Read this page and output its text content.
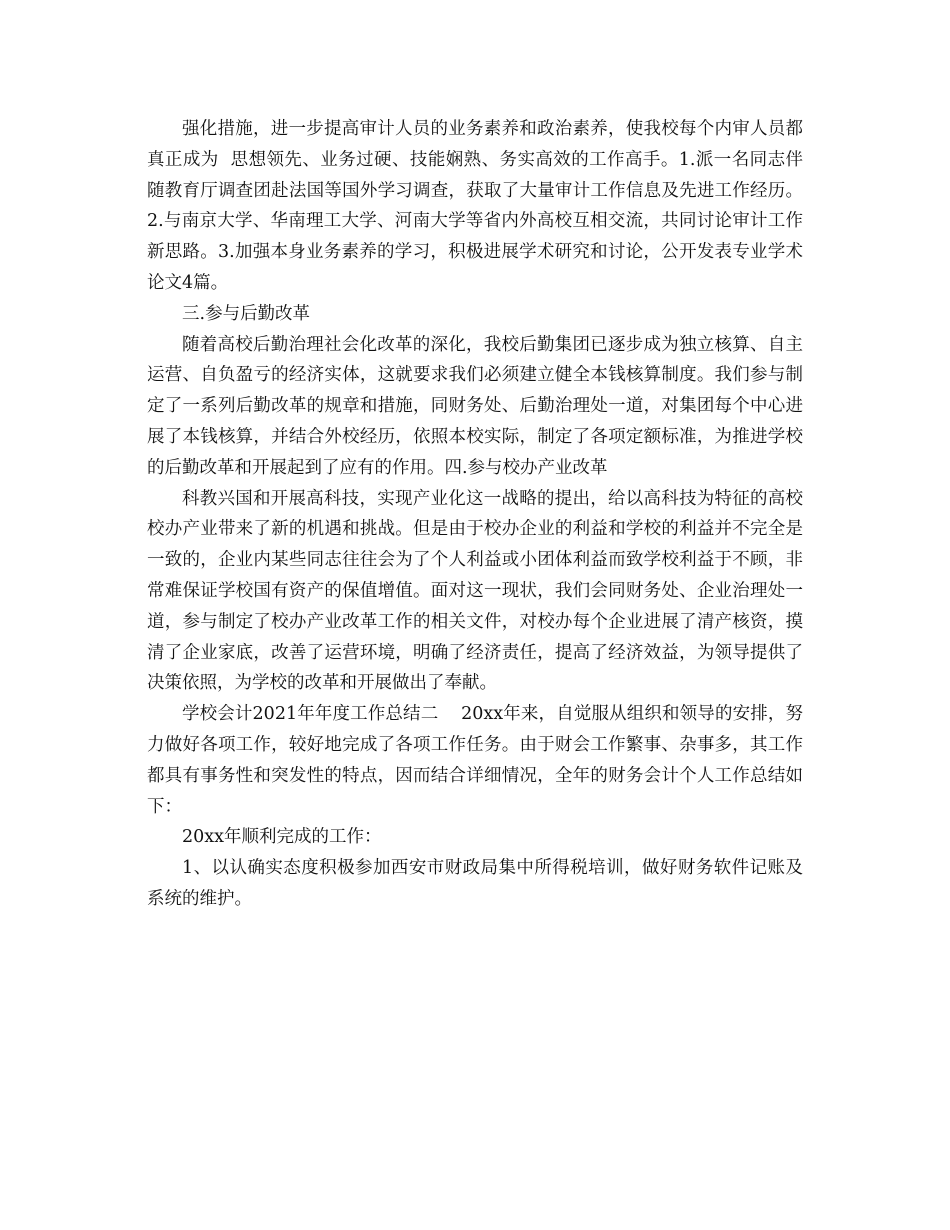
强化措施，进一步提高审计人员的业务素养和政治素养，使我校每个内审人员都真正成为  思想领先、业务过硬、技能娴熟、务实高效的工作高手。1.派一名同志伴随教育厅调查团赴法国等国外学习调查，获取了大量审计工作信息及先进工作经历。2.与南京大学、华南理工大学、河南大学等省内外高校互相交流，共同讨论审计工作新思路。3.加强本身业务素养的学习，积极进展学术研究和讨论，公开发表专业学术论文4篇。

三.参与后勤改革

随着高校后勤治理社会化改革的深化，我校后勤集团已逐步成为独立核算、自主运营、自负盈亏的经济实体，这就要求我们必须建立健全本钱核算制度。我们参与制定了一系列后勤改革的规章和措施，同财务处、后勤治理处一道，对集团每个中心进展了本钱核算，并结合外校经历，依照本校实际，制定了各项定额标准，为推进学校的后勤改革和开展起到了应有的作用。四.参与校办产业改革

科教兴国和开展高科技，实现产业化这一战略的提出，给以高科技为特征的高校校办产业带来了新的机遇和挑战。但是由于校办企业的利益和学校的利益并不完全是一致的，企业内某些同志往往会为了个人利益或小团体利益而致学校利益于不顾，非常难保证学校国有资产的保值增值。面对这一现状，我们会同财务处、企业治理处一道，参与制定了校办产业改革工作的相关文件，对校办每个企业进展了清产核资，摸清了企业家底，改善了运营环境，明确了经济责任，提高了经济效益，为领导提供了决策依照，为学校的改革和开展做出了奉献。

学校会计2021年年度工作总结二    20xx年来，自觉服从组织和领导的安排，努力做好各项工作，较好地完成了各项工作任务。由于财会工作繁事、杂事多，其工作都具有事务性和突发性的特点，因而结合详细情况，全年的财务会计个人工作总结如下：

20xx年顺利完成的工作：

1、以认确实态度积极参加西安市财政局集中所得税培训，做好财务软件记账及系统的维护。
